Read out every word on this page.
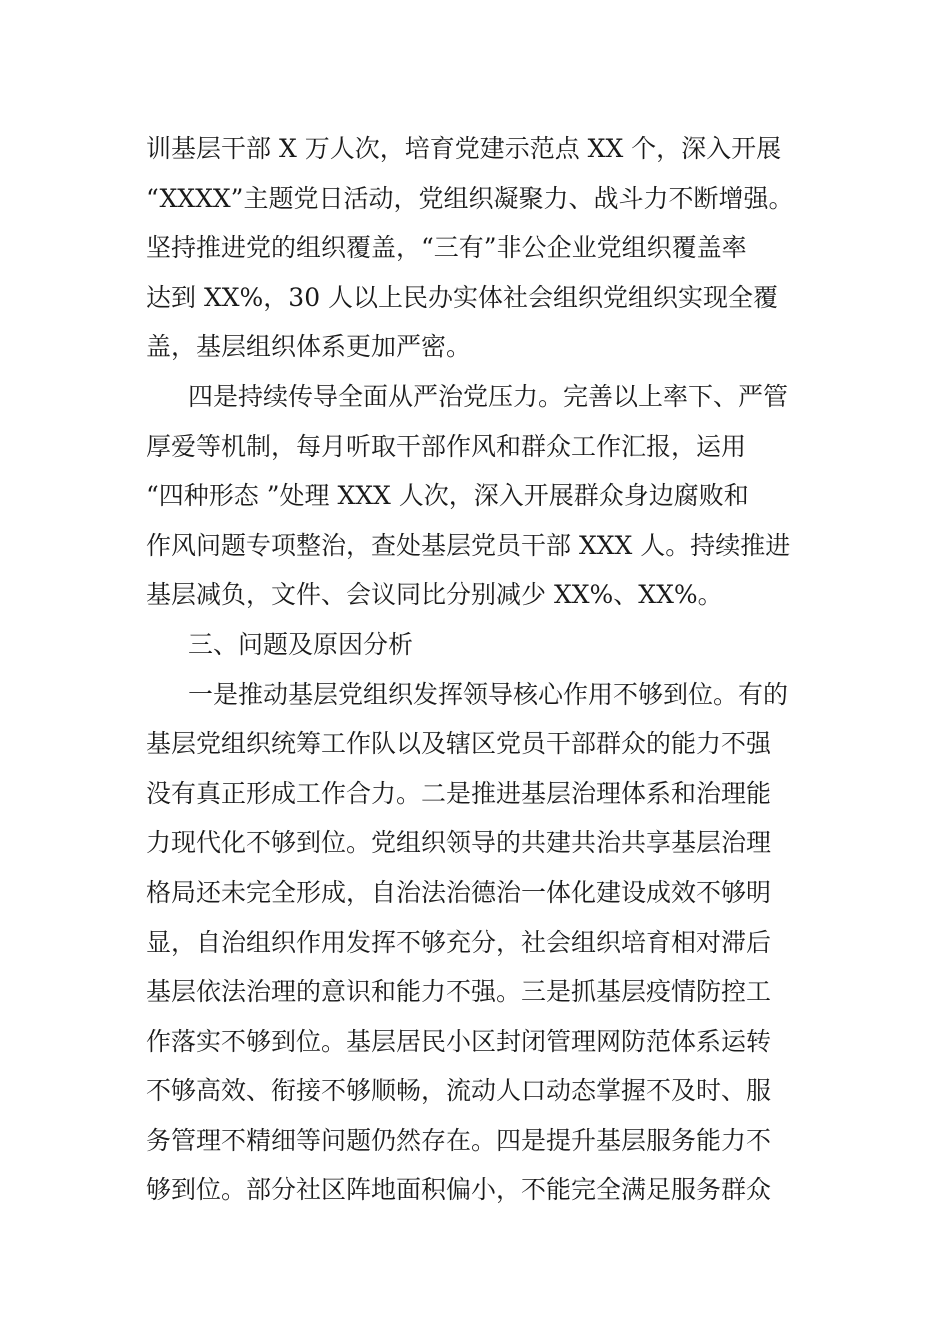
训基层干部 X 万人次，培育党建示范点 XX 个，深入开展
“XXXX”主题党日活动，党组织凝聚力、战斗力不断增强。
坚持推进党的组织覆盖，“三有”非公企业党组织覆盖率
达到 XX%，30 人以上民办实体社会组织党组织实现全覆
盖，基层组织体系更加严密。
四是持续传导全面从严治党压力。完善以上率下、严管
厚爱等机制，每月听取干部作风和群众工作汇报，运用
“四种形态 ”处理 XXX 人次，深入开展群众身边腐败和
作风问题专项整治，查处基层党员干部 XXX 人。持续推进
基层减负，文件、会议同比分别减少 XX%、XX%。
三、问题及原因分析
一是推动基层党组织发挥领导核心作用不够到位。有的
基层党组织统筹工作队以及辖区党员干部群众的能力不强
没有真正形成工作合力。二是推进基层治理体系和治理能
力现代化不够到位。党组织领导的共建共治共享基层治理
格局还未完全形成，自治法治德治一体化建设成效不够明
显，自治组织作用发挥不够充分，社会组织培育相对滞后
基层依法治理的意识和能力不强。三是抓基层疫情防控工
作落实不够到位。基层居民小区封闭管理网防范体系运转
不够高效、衔接不够顺畅，流动人口动态掌握不及时、服
务管理不精细等问题仍然存在。四是提升基层服务能力不
够到位。部分社区阵地面积偏小，不能完全满足服务群众
